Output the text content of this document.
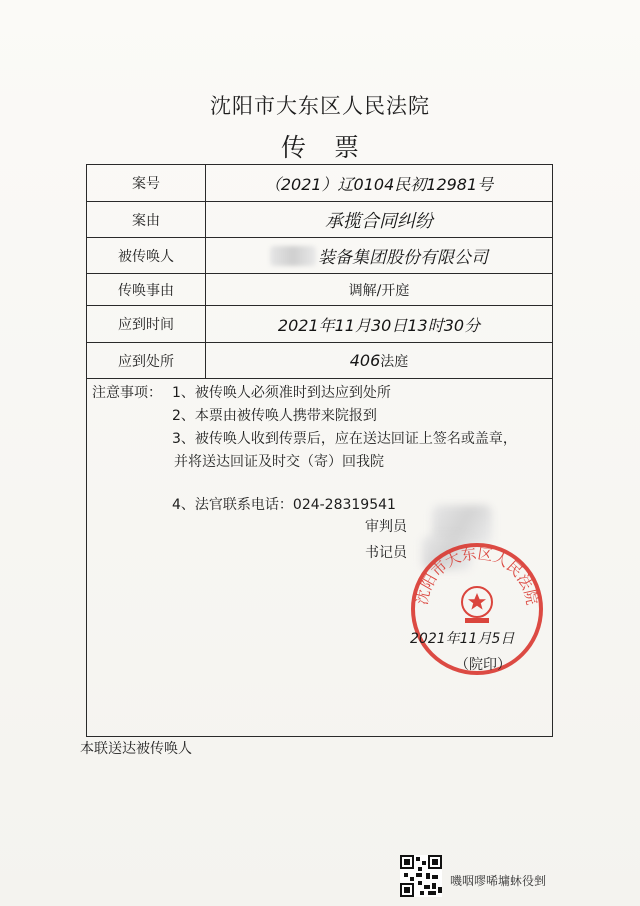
沈阳市大东区人民法院
传票
案号	（2021）辽0104民初12981号
案由	承揽合同纠纷
被传唤人	装备集团股份有限公司
传唤事由	调解/开庭
应到时间	2021年11月30日13时30分
应到处所	406 法庭
注意事项： 1、被传唤人必须准时到达应到处所
2、本票由被传唤人携带来院报到
3、被传唤人收到传票后，应在送达回证上签名或盖章，
并将送达回证及时交（寄）回我院
4、法官联系电话：024-28319541
审判员
书记员
沈阳市大东区人民法院
2021年11月5日
（院印）
本联送达被传唤人
嘰咽嘐唏墉蚞役剉
